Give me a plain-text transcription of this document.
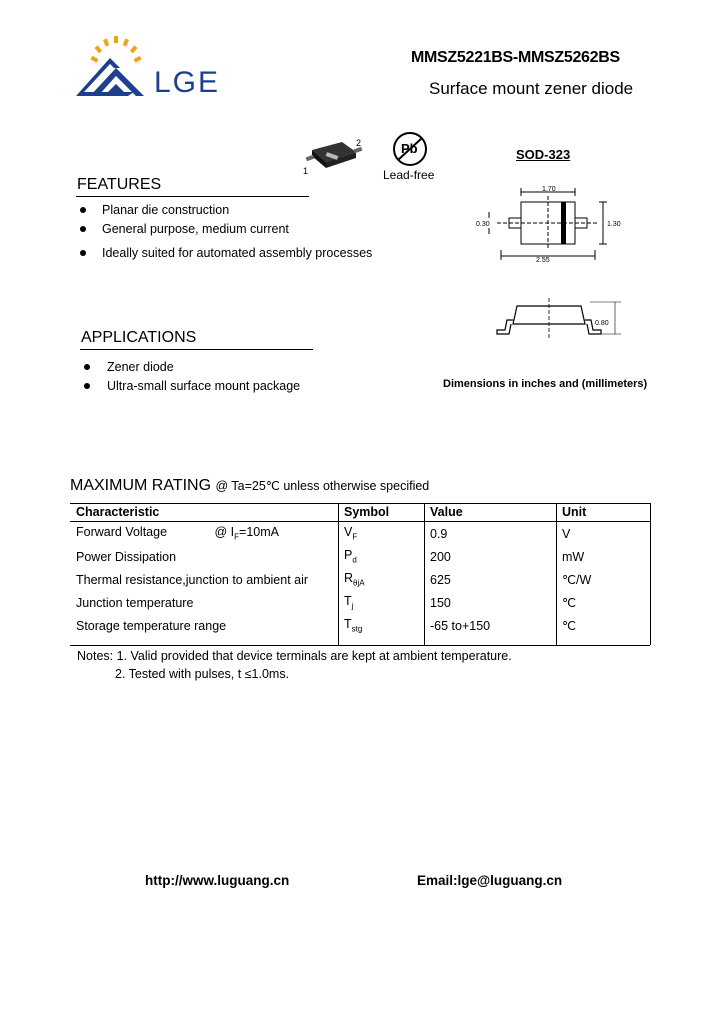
LGE
MMSZ5221BS-MMSZ5262BS
Surface mount zener diode
1
2	Pb
Lead-free
SOD-323
1.70
0.30	1.30
2.55
0.80
Dimensions in inches and (millimeters)
FEATURES
Planar die construction
General purpose, medium current
Ideally suited for automated assembly processes
APPLICATIONS
Zener diode
Ultra-small surface mount package
MAXIMUM RATING @ Ta=25℃ unless otherwise specified
Characteristic	Symbol	Value	Unit
Forward Voltage @ $I_F=10mA$	$V_F$	0.9	V
Power Dissipation	$P_d$	200	mW
Thermal resistance,junction to ambient air	$R_{\theta jA}$	625	℃/W
Junction temperature	$T_j$	150	℃
Storage temperature range	$T_{stg}$	-65 to+150	℃
Notes: 1. Valid provided that device terminals are kept at ambient temperature.
2. Tested with pulses, t ≤1.0ms.
http://www.luguang.cn	Email:lge@luguang.cn
